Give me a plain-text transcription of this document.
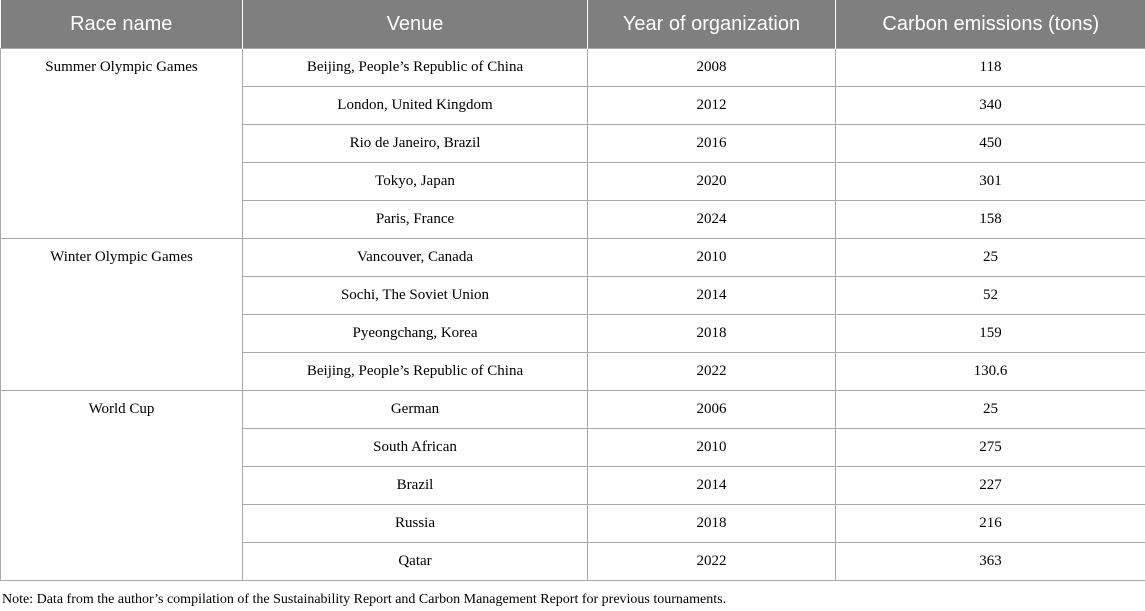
Race name	Venue	Year of organization	Carbon emissions (tons)
Summer Olympic Games	Beijing, People’s Republic of China	2008	118
	London, United Kingdom	2012	340
	Rio de Janeiro, Brazil	2016	450
	Tokyo, Japan	2020	301
	Paris, France	2024	158
Winter Olympic Games	Vancouver, Canada	2010	25
	Sochi, The Soviet Union	2014	52
	Pyeongchang, Korea	2018	159
	Beijing, People’s Republic of China	2022	130.6
World Cup	German	2006	25
	South African	2010	275
	Brazil	2014	227
	Russia	2018	216
	Qatar	2022	363
Note: Data from the author’s compilation of the Sustainability Report and Carbon Management Report for previous tournaments.
